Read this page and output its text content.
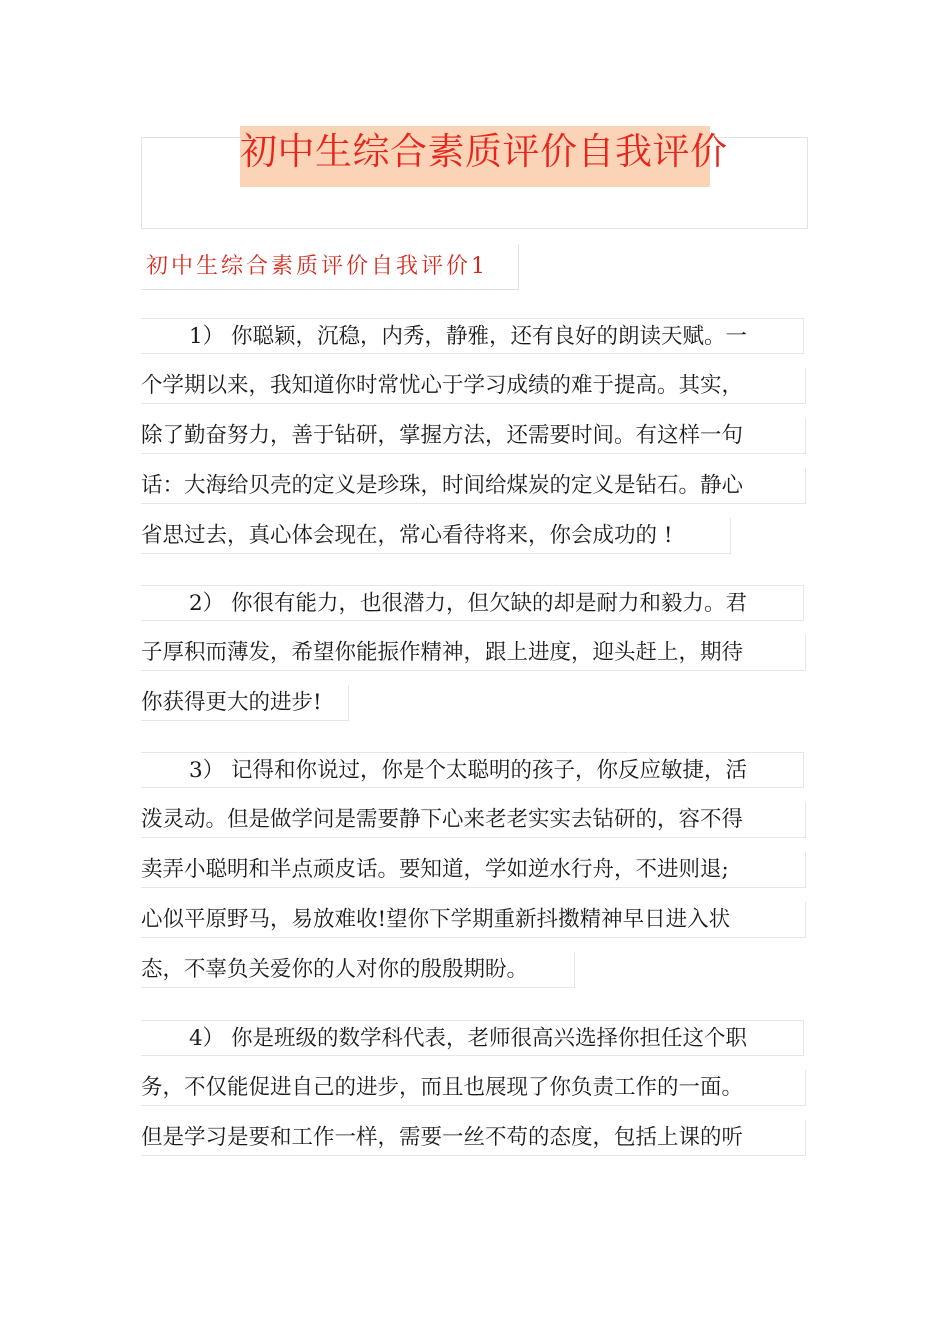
初中生综合素质评价自我评价
初中生综合素质评价自我评价1
1） 你聪颖，沉稳，内秀，静雅，还有良好的朗读天赋。一
个学期以来，我知道你时常忧心于学习成绩的难于提高。其实，
除了勤奋努力，善于钻研，掌握方法，还需要时间。有这样一句
话：大海给贝壳的定义是珍珠，时间给煤炭的定义是钻石。静心
省思过去，真心体会现在，常心看待将来，你会成功的 !
2） 你很有能力，也很潜力，但欠缺的却是耐力和毅力。君
子厚积而薄发，希望你能振作精神，跟上进度，迎头赶上，期待
你获得更大的进步!
3） 记得和你说过，你是个太聪明的孩子，你反应敏捷，活
泼灵动。但是做学问是需要静下心来老老实实去钻研的，容不得
卖弄小聪明和半点顽皮话。要知道，学如逆水行舟，不进则退;
心似平原野马，易放难收!望你下学期重新抖擞精神早日进入状
态，不辜负关爱你的人对你的殷殷期盼。
4） 你是班级的数学科代表，老师很高兴选择你担任这个职
务，不仅能促进自己的进步，而且也展现了你负责工作的一面。
但是学习是要和工作一样，需要一丝不苟的态度，包括上课的听
